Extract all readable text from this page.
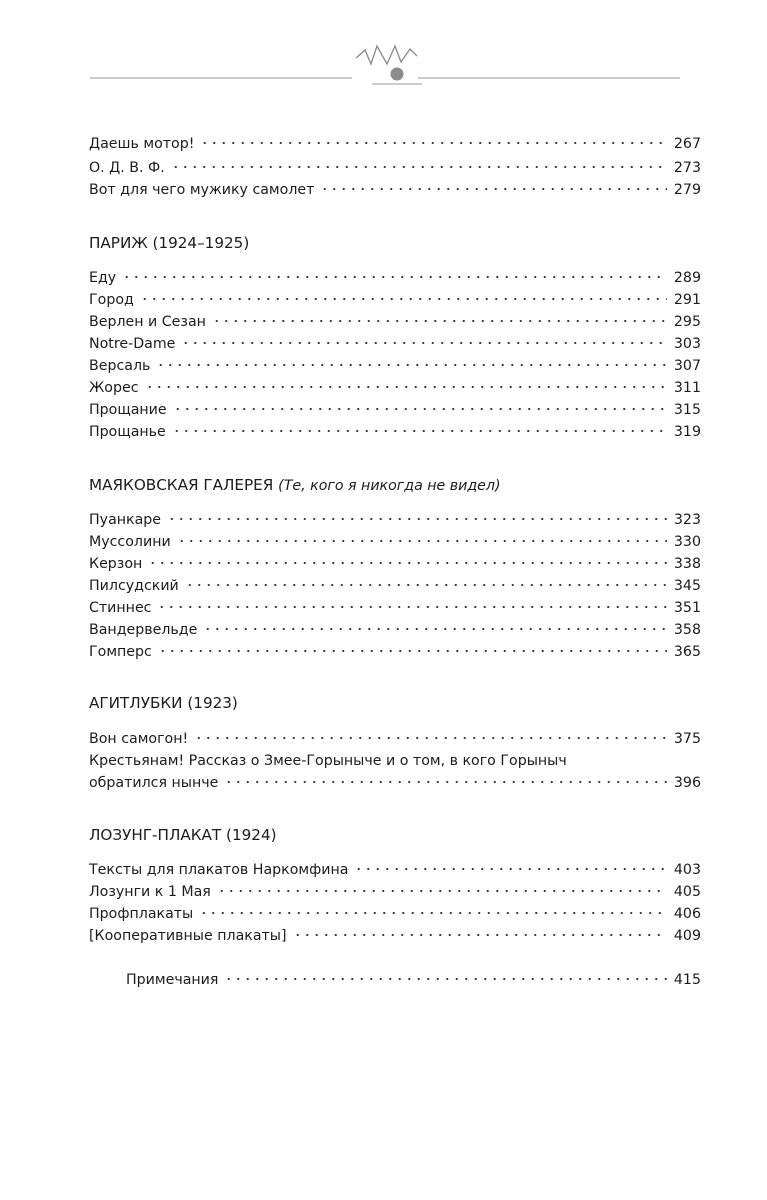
Даешь мотор!	267
О. Д. В. Ф.	273
Вот для чего мужику самолет	279
ПАРИЖ (1924–1925)
Еду	289
Город	291
Верлен и Сезан	295
Notre-Dame	303
Версаль	307
Жорес	311
Прощание	315
Прощанье	319
МАЯКОВСКАЯ ГАЛЕРЕЯ (Те, кого я никогда не видел)
Пуанкаре	323
Муссолини	330
Керзон	338
Пилсудский	345
Стиннес	351
Вандервельде	358
Гомперс	365
АГИТЛУБКИ (1923)
Вон самогон!	375
Крестьянам! Рассказ о Змее-Горыныче и о том, в кого Горыныч
обратился нынче	396
ЛОЗУНГ-ПЛАКАТ (1924)
Тексты для плакатов Наркомфина	403
Лозунги к 1 Мая	405
Профплакаты	406
[Кооперативные плакаты]	409
Примечания	415
